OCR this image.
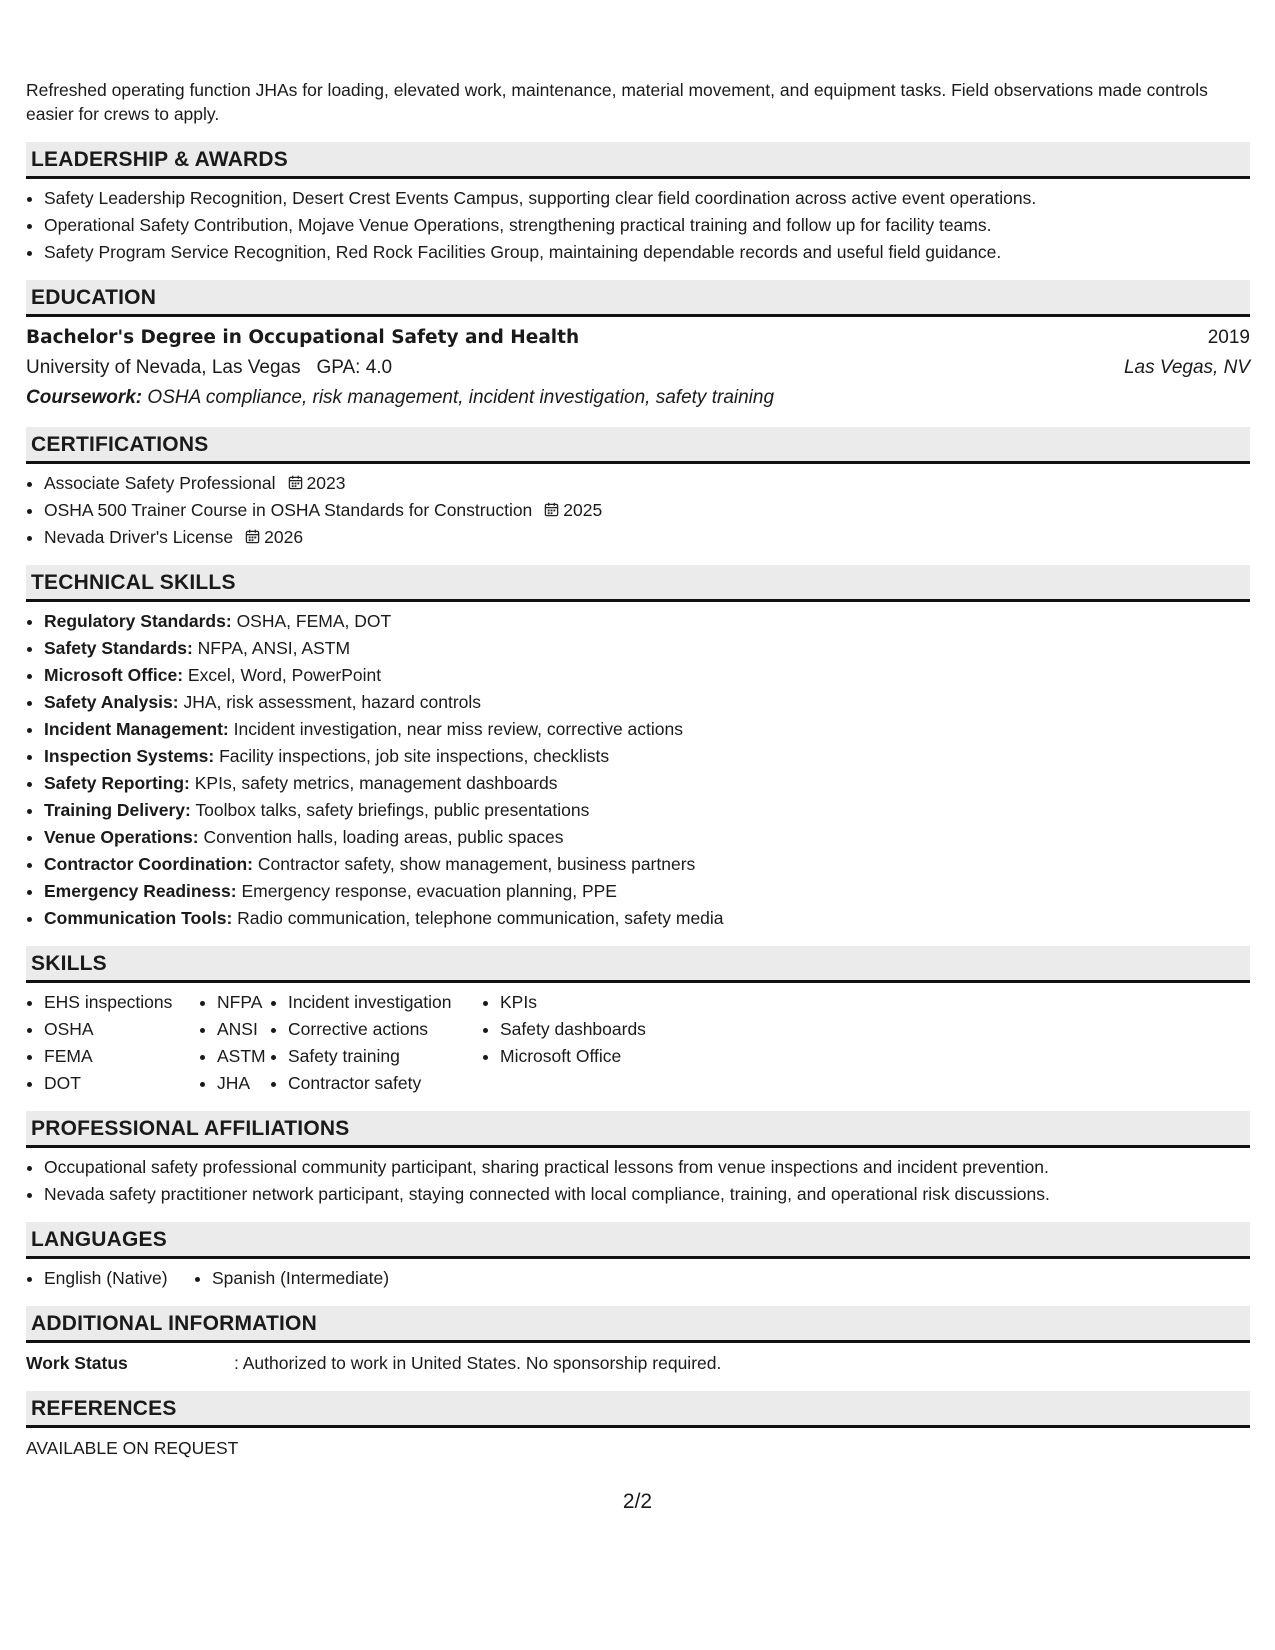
Refreshed operating function JHAs for loading, elevated work, maintenance, material movement, and equipment tasks. Field observations made controls easier for crews to apply.

LEADERSHIP & AWARDS
• Safety Leadership Recognition, Desert Crest Events Campus, supporting clear field coordination across active event operations.
• Operational Safety Contribution, Mojave Venue Operations, strengthening practical training and follow up for facility teams.
• Safety Program Service Recognition, Red Rock Facilities Group, maintaining dependable records and useful field guidance.
EDUCATION
Bachelor's Degree in Occupational Safety and Health	2019
University of Nevada, Las Vegas GPA: 4.0	Las Vegas, NV
Coursework: OSHA compliance, risk management, incident investigation, safety training
CERTIFICATIONS
• Associate Safety Professional 2023
• OSHA 500 Trainer Course in OSHA Standards for Construction 2025
• Nevada Driver's License 2026
TECHNICAL SKILLS
• Regulatory Standards: OSHA, FEMA, DOT
• Safety Standards: NFPA, ANSI, ASTM
• Microsoft Office: Excel, Word, PowerPoint
• Safety Analysis: JHA, risk assessment, hazard controls
• Incident Management: Incident investigation, near miss review, corrective actions
• Inspection Systems: Facility inspections, job site inspections, checklists
• Safety Reporting: KPIs, safety metrics, management dashboards
• Training Delivery: Toolbox talks, safety briefings, public presentations
• Venue Operations: Convention halls, loading areas, public spaces
• Contractor Coordination: Contractor safety, show management, business partners
• Emergency Readiness: Emergency response, evacuation planning, PPE
• Communication Tools: Radio communication, telephone communication, safety media
SKILLS
• EHS inspections
• OSHA
• FEMA
• DOT
• NFPA
• ANSI
• ASTM
• JHA
• Incident investigation
• Corrective actions
• Safety training
• Contractor safety
• KPIs
• Safety dashboards
• Microsoft Office
PROFESSIONAL AFFILIATIONS
• Occupational safety professional community participant, sharing practical lessons from venue inspections and incident prevention.
• Nevada safety practitioner network participant, staying connected with local compliance, training, and operational risk discussions.
LANGUAGES
• English (Native)
•	Spanish (Intermediate)
ADDITIONAL INFORMATION
Work Status	: Authorized to work in United States. No sponsorship required.
REFERENCES
AVAILABLE ON REQUEST
2/2
